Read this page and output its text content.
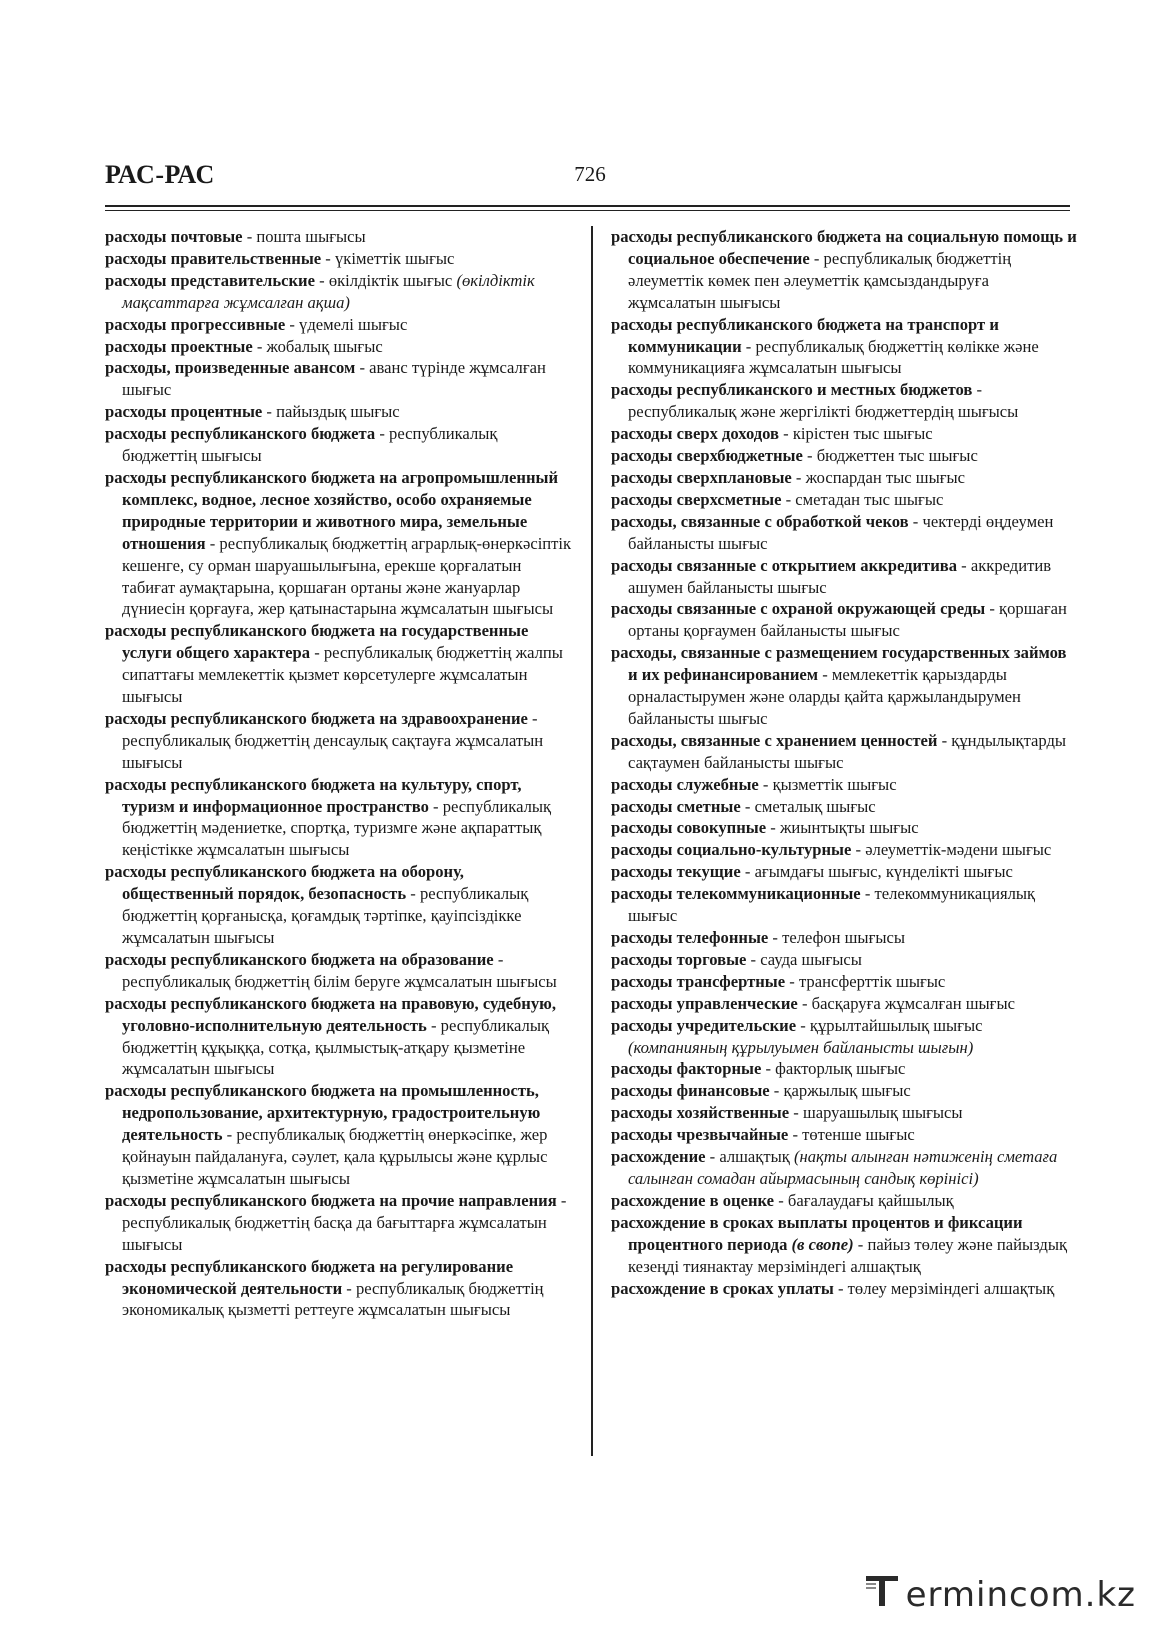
РАС-РАС	726

расходы почтовые - пошта шығысы

расходы правительственные - үкіметтік шығыс

расходы представительские - өкілдіктік шығыс (өкілдіктік мақсаттарға жұмсалған ақша)

расходы прогрессивные - үдемелі шығыс

расходы проектные - жобалық шығыс

расходы, произведенные авансом - аванс түрінде жұмсалған шығыс

расходы процентные - пайыздық шығыс

расходы республиканского бюджета - республикалық бюджеттің шығысы

расходы республиканского бюджета на агропромышленный комплекс, водное, лесное хозяйство, особо охраняемые природные территории и животного мира, земельные отношения - республикалық бюджеттің аграрлық-өнеркәсіптік кешенге, су орман шаруашылығына, ерекше қорғалатын табиғат аумақтарына, қоршаған ортаны және жануарлар дүниесін қорғауға, жер қатынастарына жұмсалатын шығысы

расходы республиканского бюджета на государственные услуги общего характера - республикалық бюджеттің жалпы сипаттағы мемлекеттік қызмет көрсетулерге жұмсалатын шығысы

расходы республиканского бюджета на здравоохранение - республикалық бюджеттің денсаулық сақтауға жұмсалатын шығысы

расходы республиканского бюджета на культуру, спорт, туризм и информационное пространство - республикалық бюджеттің мәдениетке, спортқа, туризмге және ақпараттық кеңістікке жұмсалатын шығысы

расходы республиканского бюджета на оборону, общественный порядок, безопасность - республикалық бюджеттің қорғанысқа, қоғамдық тәртіпке, қауіпсіздікке жұмсалатын шығысы

расходы республиканского бюджета на образование - республикалық бюджеттің білім беруге жұмсалатын шығысы

расходы республиканского бюджета на правовую, судебную, уголовно-исполнительную деятельность - республикалық бюджеттің құқыққа, сотқа, қылмыстық-атқару қызметіне жұмсалатын шығысы

расходы республиканского бюджета на промышленность, недропользование, архитектурную, градостроительную деятельность - республикалық бюджеттің өнеркәсіпке, жер қойнауын пайдалануға, сәулет, қала құрылысы және құрлыс қызметіне жұмсалатын шығысы

расходы республиканского бюджета на прочие направления - республикалық бюджеттің басқа да бағыттарға жұмсалатын шығысы

расходы республиканского бюджета на регулирование экономической деятельности - республикалық бюджеттің экономикалық қызметті реттеуге жұмсалатын шығысы

расходы республиканского бюджета на социальную помощь и социальное обеспечение - республикалық бюджеттің әлеуметтік көмек пен әлеуметтік қамсыздандыруға жұмсалатын шығысы

расходы республиканского бюджета на транспорт и коммуникации - республикалық бюджеттің көлікке және коммуникацияға жұмсалатын шығысы

расходы республиканского и местных бюджетов - республикалық және жергілікті бюджеттердің шығысы

расходы сверх доходов - кірістен тыс шығыс

расходы сверхбюджетные - бюджеттен тыс шығыс

расходы сверхплановые - жоспардан тыс шығыс

расходы сверхсметные - сметадан тыс шығыс

расходы, связанные с обработкой чеков - чектерді өңдеумен байланысты шығыс

расходы связанные с открытием аккредитива - аккредитив ашумен байланысты шығыс

расходы связанные с охраной окружающей среды - қоршаған ортаны қорғаумен байланысты шығыс

расходы, связанные с размещением государственных займов и их рефинансированием - мемлекеттік қарыздарды орналастырумен және оларды қайта қаржыландырумен байланысты шығыс

расходы, связанные с хранением ценностей - құндылықтарды сақтаумен байланысты шығыс

расходы служебные - қызметтік шығыс

расходы сметные - сметалық шығыс

расходы совокупные - жиынтықты шығыс

расходы социально-культурные - әлеуметтік-мәдени шығыс

расходы текущие - ағымдағы шығыс, күнделікті шығыс

расходы телекоммуникационные - телекоммуникациялық шығыс

расходы телефонные - телефон шығысы

расходы торговые - сауда шығысы

расходы трансфертные - трансферттік шығыс

расходы управленческие - басқаруға жұмсалған шығыс

расходы учредительские - құрылтайшылық шығыс (компанияның құрылуымен байланысты шығын)

расходы факторные - факторлық шығыс

расходы финансовые - қаржылық шығыс

расходы хозяйственные - шаруашылық шығысы

расходы чрезвычайные - төтенше шығыс

расхождение - алшақтық (нақты алынған нәтиженің сметаға салынған сомадан айырмасының сандық көрінісі)

расхождение в оценке - бағалаудағы қайшылық

расхождение в сроках выплаты процентов и фиксации процентного периода (в свопе) - пайыз төлеу және пайыздық кезеңді тиянактау мерзіміндегі алшақтық

расхождение в сроках уплаты - төлеу мерзіміндегі алшақтық

ermincоm.kz
